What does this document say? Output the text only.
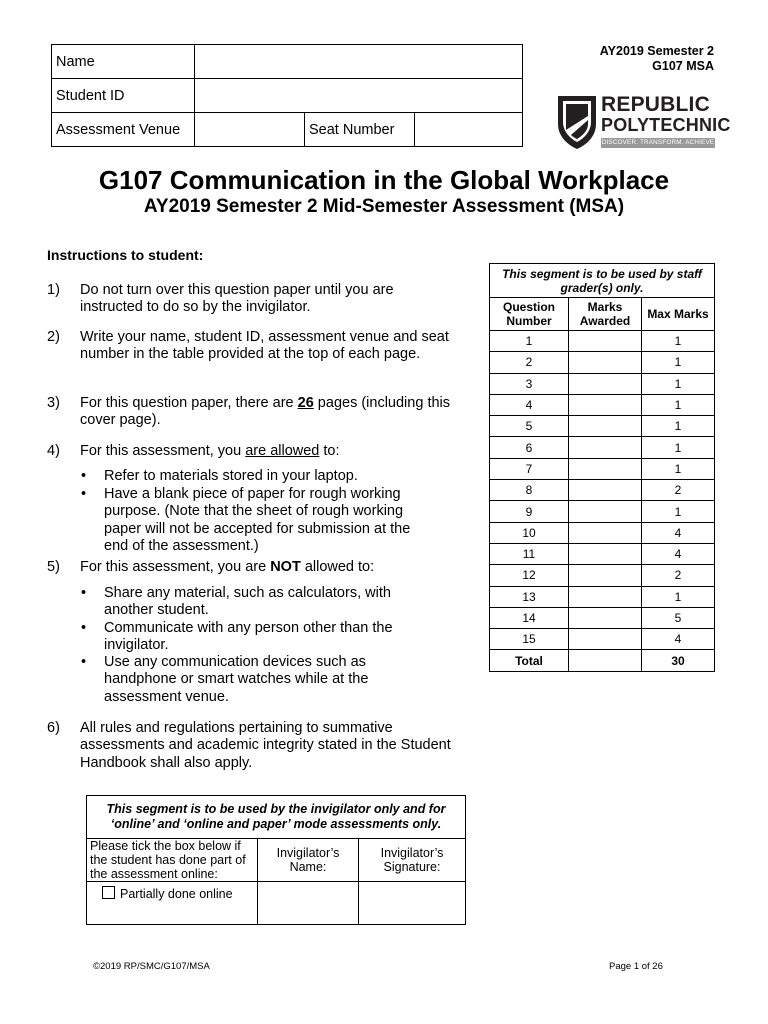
Name			
Student ID			
Assessment Venue		Seat Number	
AY2019 Semester 2
G107 MSA
REPUBLIC
POLYTECHNIC
DISCOVER. TRANSFORM. ACHIEVE
G107 Communication in the Global Workplace
AY2019 Semester 2 Mid-Semester Assessment (MSA)
Instructions to student:
1) Do not turn over this question paper until you are instructed to do so by the invigilator.
2) Write your name, student ID, assessment venue and seat number in the table provided at the top of each page.
3) For this question paper, there are 26 pages (including this cover page).
4) For this assessment, you are allowed to:
• Refer to materials stored in your laptop.
• Have a blank piece of paper for rough working purpose. (Note that the sheet of rough working paper will not be accepted for submission at the end of the assessment.)
5) For this assessment, you are NOT allowed to:
• Share any material, such as calculators, with another student.
• Communicate with any person other than the invigilator.
• Use any communication devices such as handphone or smart watches while at the assessment venue.
6) All rules and regulations pertaining to summative assessments and academic integrity stated in the Student Handbook shall also apply.
This segment is to be used by staff grader(s) only.		
Question Number	Marks Awarded	Max Marks
1		1
2		1
3		1
4		1
5		1
6		1
7		1
8		2
9		1
10		4
11		4
12		2
13		1
14		5
15		4
Total		30
This segment is to be used by the invigilator only and for ‘online’ and ‘online and paper’ mode assessments only.		
Please tick the box below if the student has done part of the assessment online:	Invigilator’s Name:	Invigilator’s Signature:
Partially done online		
©2019 RP/SMC/G107/MSA	Page 1 of 26
